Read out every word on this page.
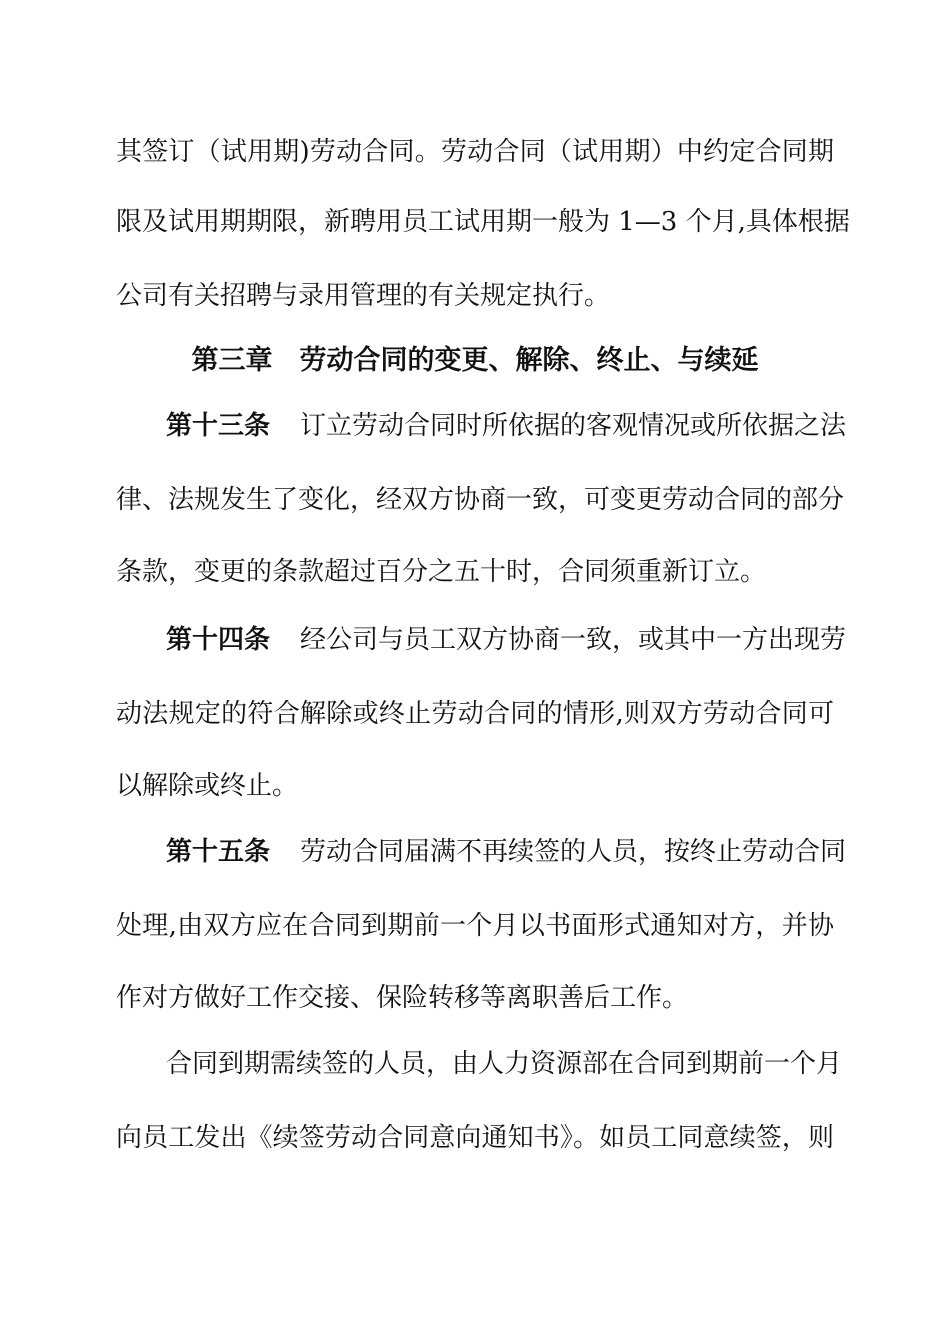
其签订（试用期)劳动合同。劳动合同（试用期）中约定合同期
限及试用期期限，新聘用员工试用期一般为 1—3 个月,具体根据
公司有关招聘与录用管理的有关规定执行。
第三章　劳动合同的变更、解除、终止、与续延
第十三条 订立劳动合同时所依据的客观情况或所依据之法
律、法规发生了变化，经双方协商一致，可变更劳动合同的部分
条款，变更的条款超过百分之五十时，合同须重新订立。
第十四条 经公司与员工双方协商一致，或其中一方出现劳
动法规定的符合解除或终止劳动合同的情形,则双方劳动合同可
以解除或终止。
第十五条 劳动合同届满不再续签的人员，按终止劳动合同
处理,由双方应在合同到期前一个月以书面形式通知对方，并协
作对方做好工作交接、保险转移等离职善后工作。
合同到期需续签的人员，由人力资源部在合同到期前一个月
向员工发出《续签劳动合同意向通知书》。如员工同意续签，则
